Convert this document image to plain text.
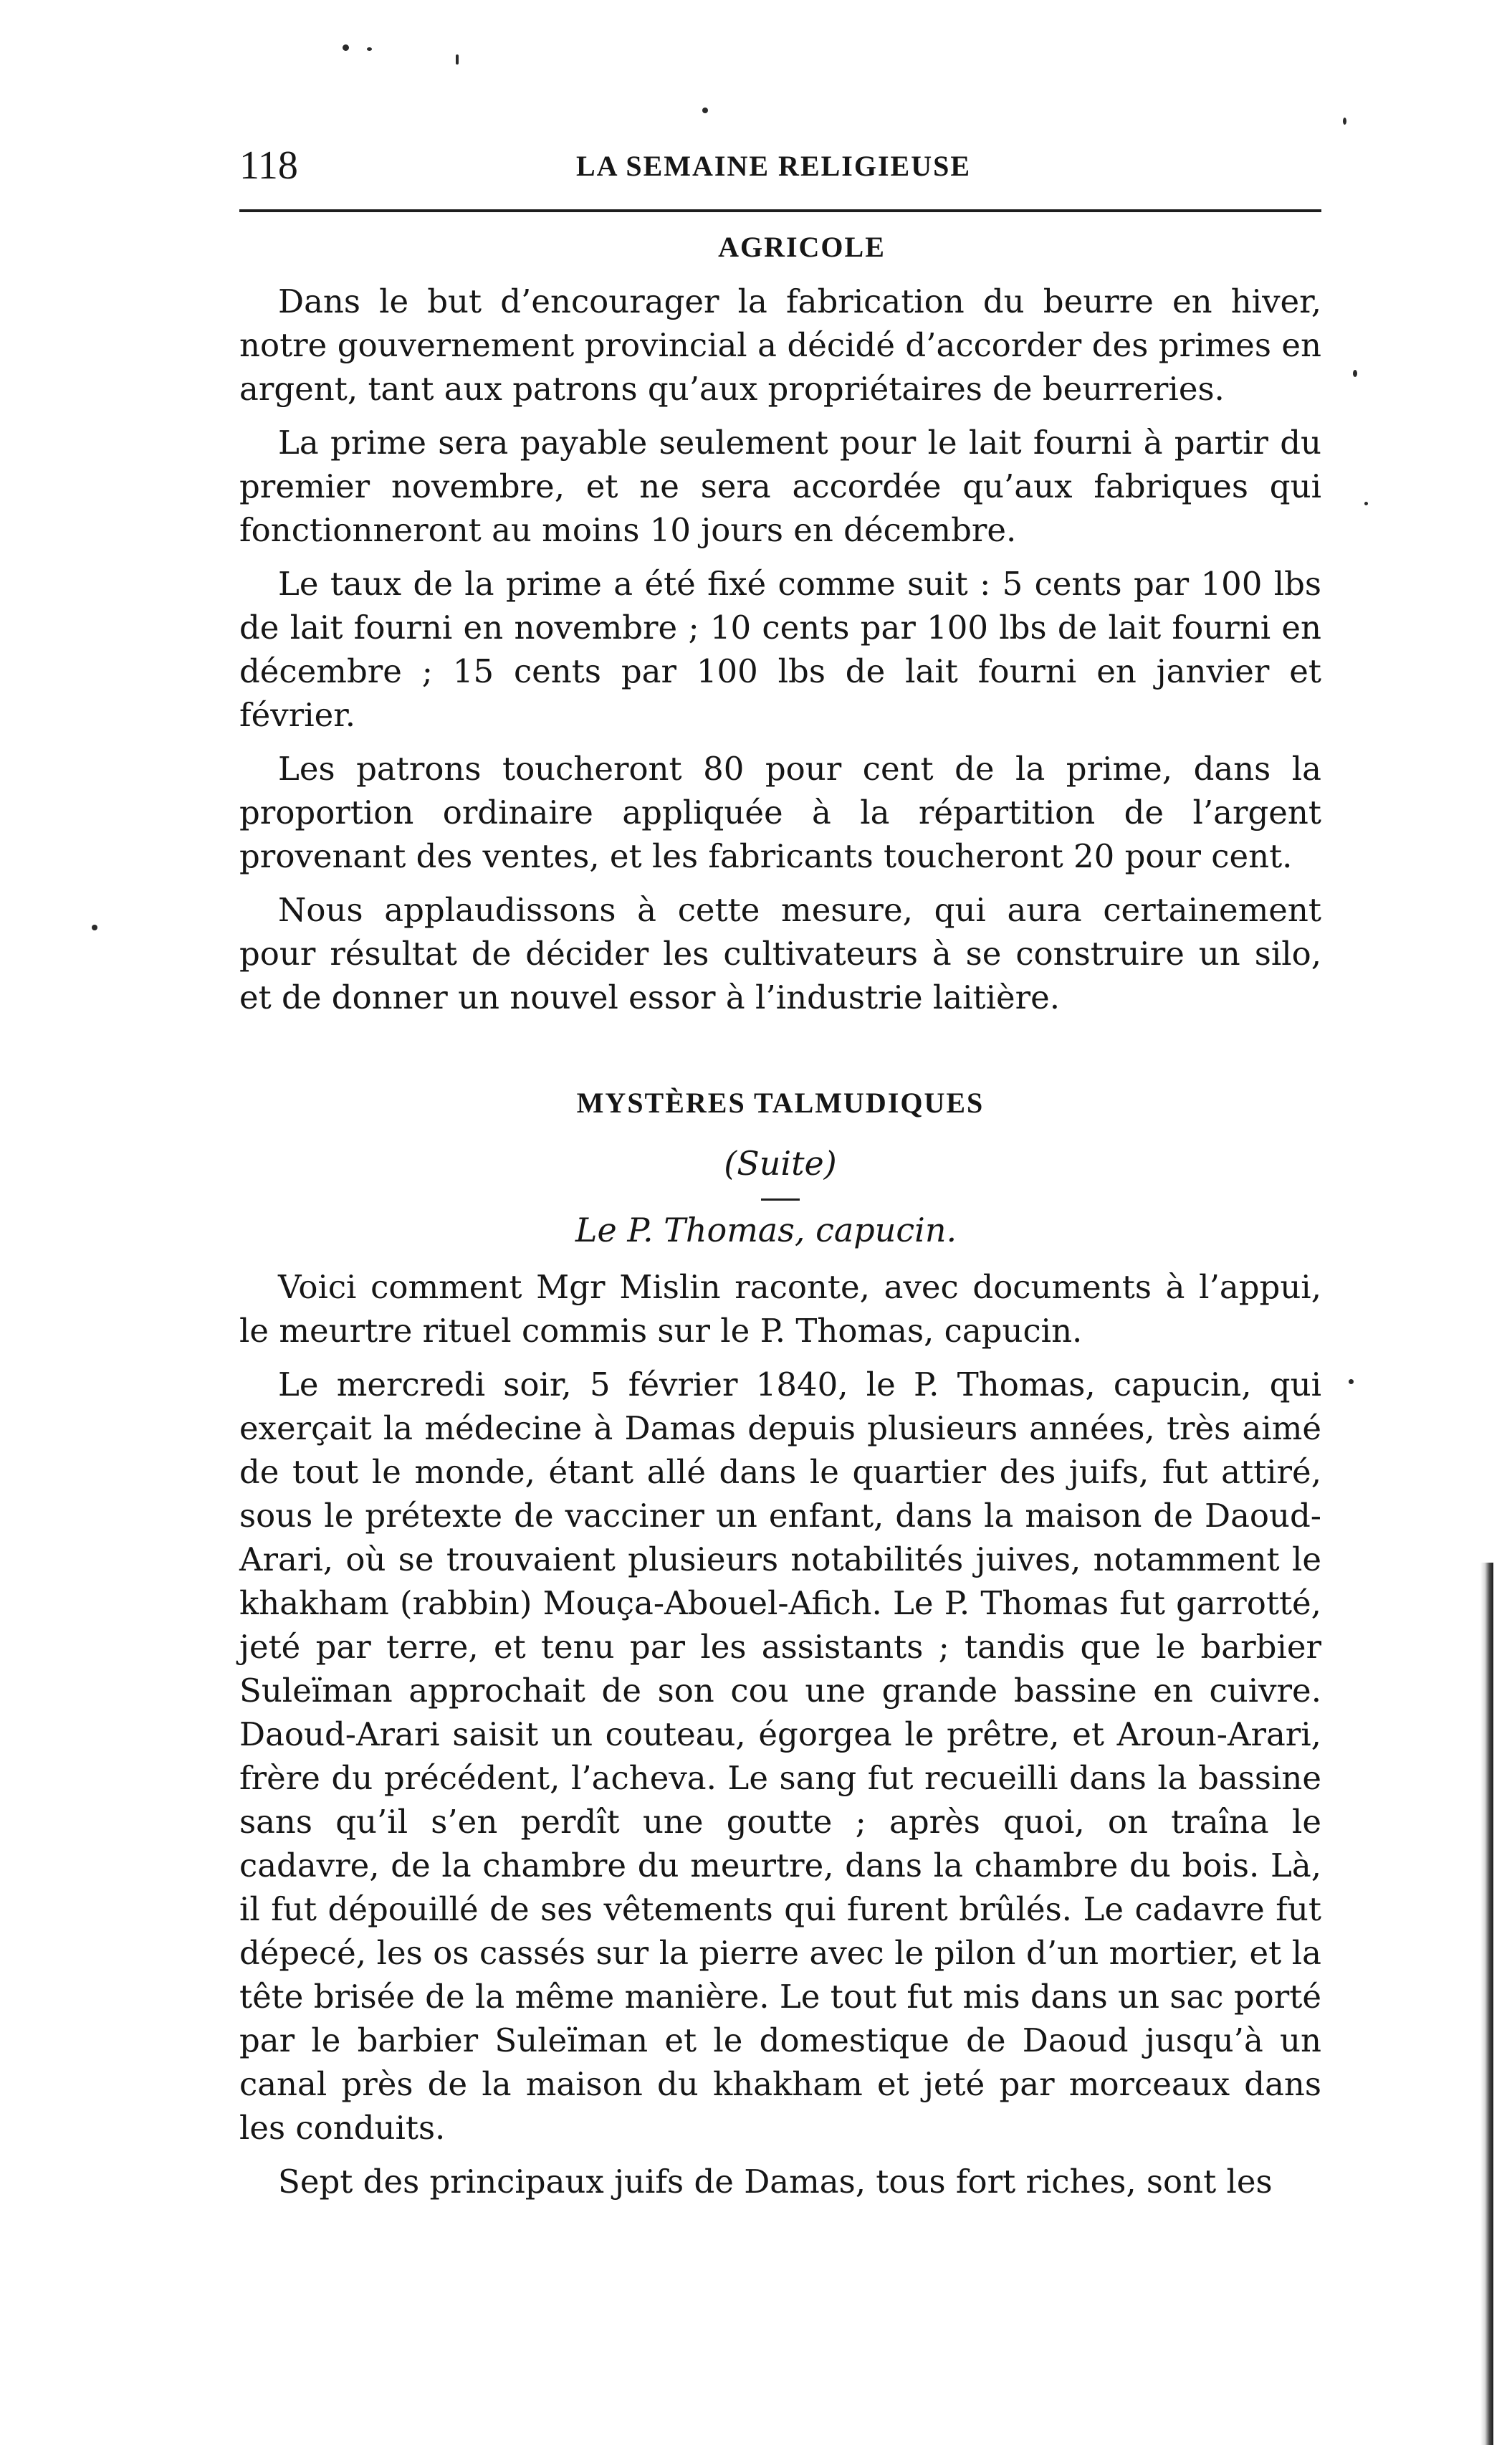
118	LA SEMAINE RELIGIEUSE
AGRICOLE

Dans le but d’encourager la fabrication du beurre en hiver, notre gouvernement provincial a décidé d’accorder des primes en argent, tant aux patrons qu’aux propriétaires de beurreries.

La prime sera payable seulement pour le lait fourni à partir du premier novembre, et ne sera accordée qu’aux fabriques qui fonctionneront au moins 10 jours en décembre.

Le taux de la prime a été fixé comme suit : 5 cents par 100 lbs de lait fourni en novembre ; 10 cents par 100 lbs de lait fourni en décembre ; 15 cents par 100 lbs de lait fourni en janvier et février.

Les patrons toucheront 80 pour cent de la prime, dans la proportion ordinaire appliquée à la répartition de l’argent provenant des ventes, et les fabricants toucheront 20 pour cent.

Nous applaudissons à cette mesure, qui aura certainement pour résultat de décider les cultivateurs à se construire un silo, et de donner un nouvel essor à l’industrie laitière.

MYSTÈRES TALMUDIQUES
(Suite)
Le P. Thomas, capucin.

Voici comment Mgr Mislin raconte, avec documents à l’appui, le meurtre rituel commis sur le P. Thomas, capucin.

Le mercredi soir, 5 février 1840, le P. Thomas, capucin, qui exerçait la médecine à Damas depuis plusieurs années, très aimé de tout le monde, étant allé dans le quartier des juifs, fut attiré, sous le prétexte de vacciner un enfant, dans la maison de Daoud-Arari, où se trouvaient plusieurs notabilités juives, notamment le khakham (rabbin) Mouça-Abouel-Afich. Le P. Thomas fut garrotté, jeté par terre, et tenu par les assistants ; tandis que le barbier Suleïman approchait de son cou une grande bassine en cuivre. Daoud-Arari saisit un couteau, égorgea le prêtre, et Aroun-Arari, frère du précédent, l’acheva. Le sang fut recueilli dans la bassine sans qu’il s’en perdît une goutte ; après quoi, on traîna le cadavre, de la chambre du meurtre, dans la chambre du bois. Là, il fut dépouillé de ses vêtements qui furent brûlés. Le cadavre fut dépecé, les os cassés sur la pierre avec le pilon d’un mortier, et la tête brisée de la même manière. Le tout fut mis dans un sac porté par le barbier Suleïman et le domestique de Daoud jusqu’à un canal près de la maison du khakham et jeté par morceaux dans les conduits.

Sept des principaux juifs de Damas, tous fort riches, sont les
